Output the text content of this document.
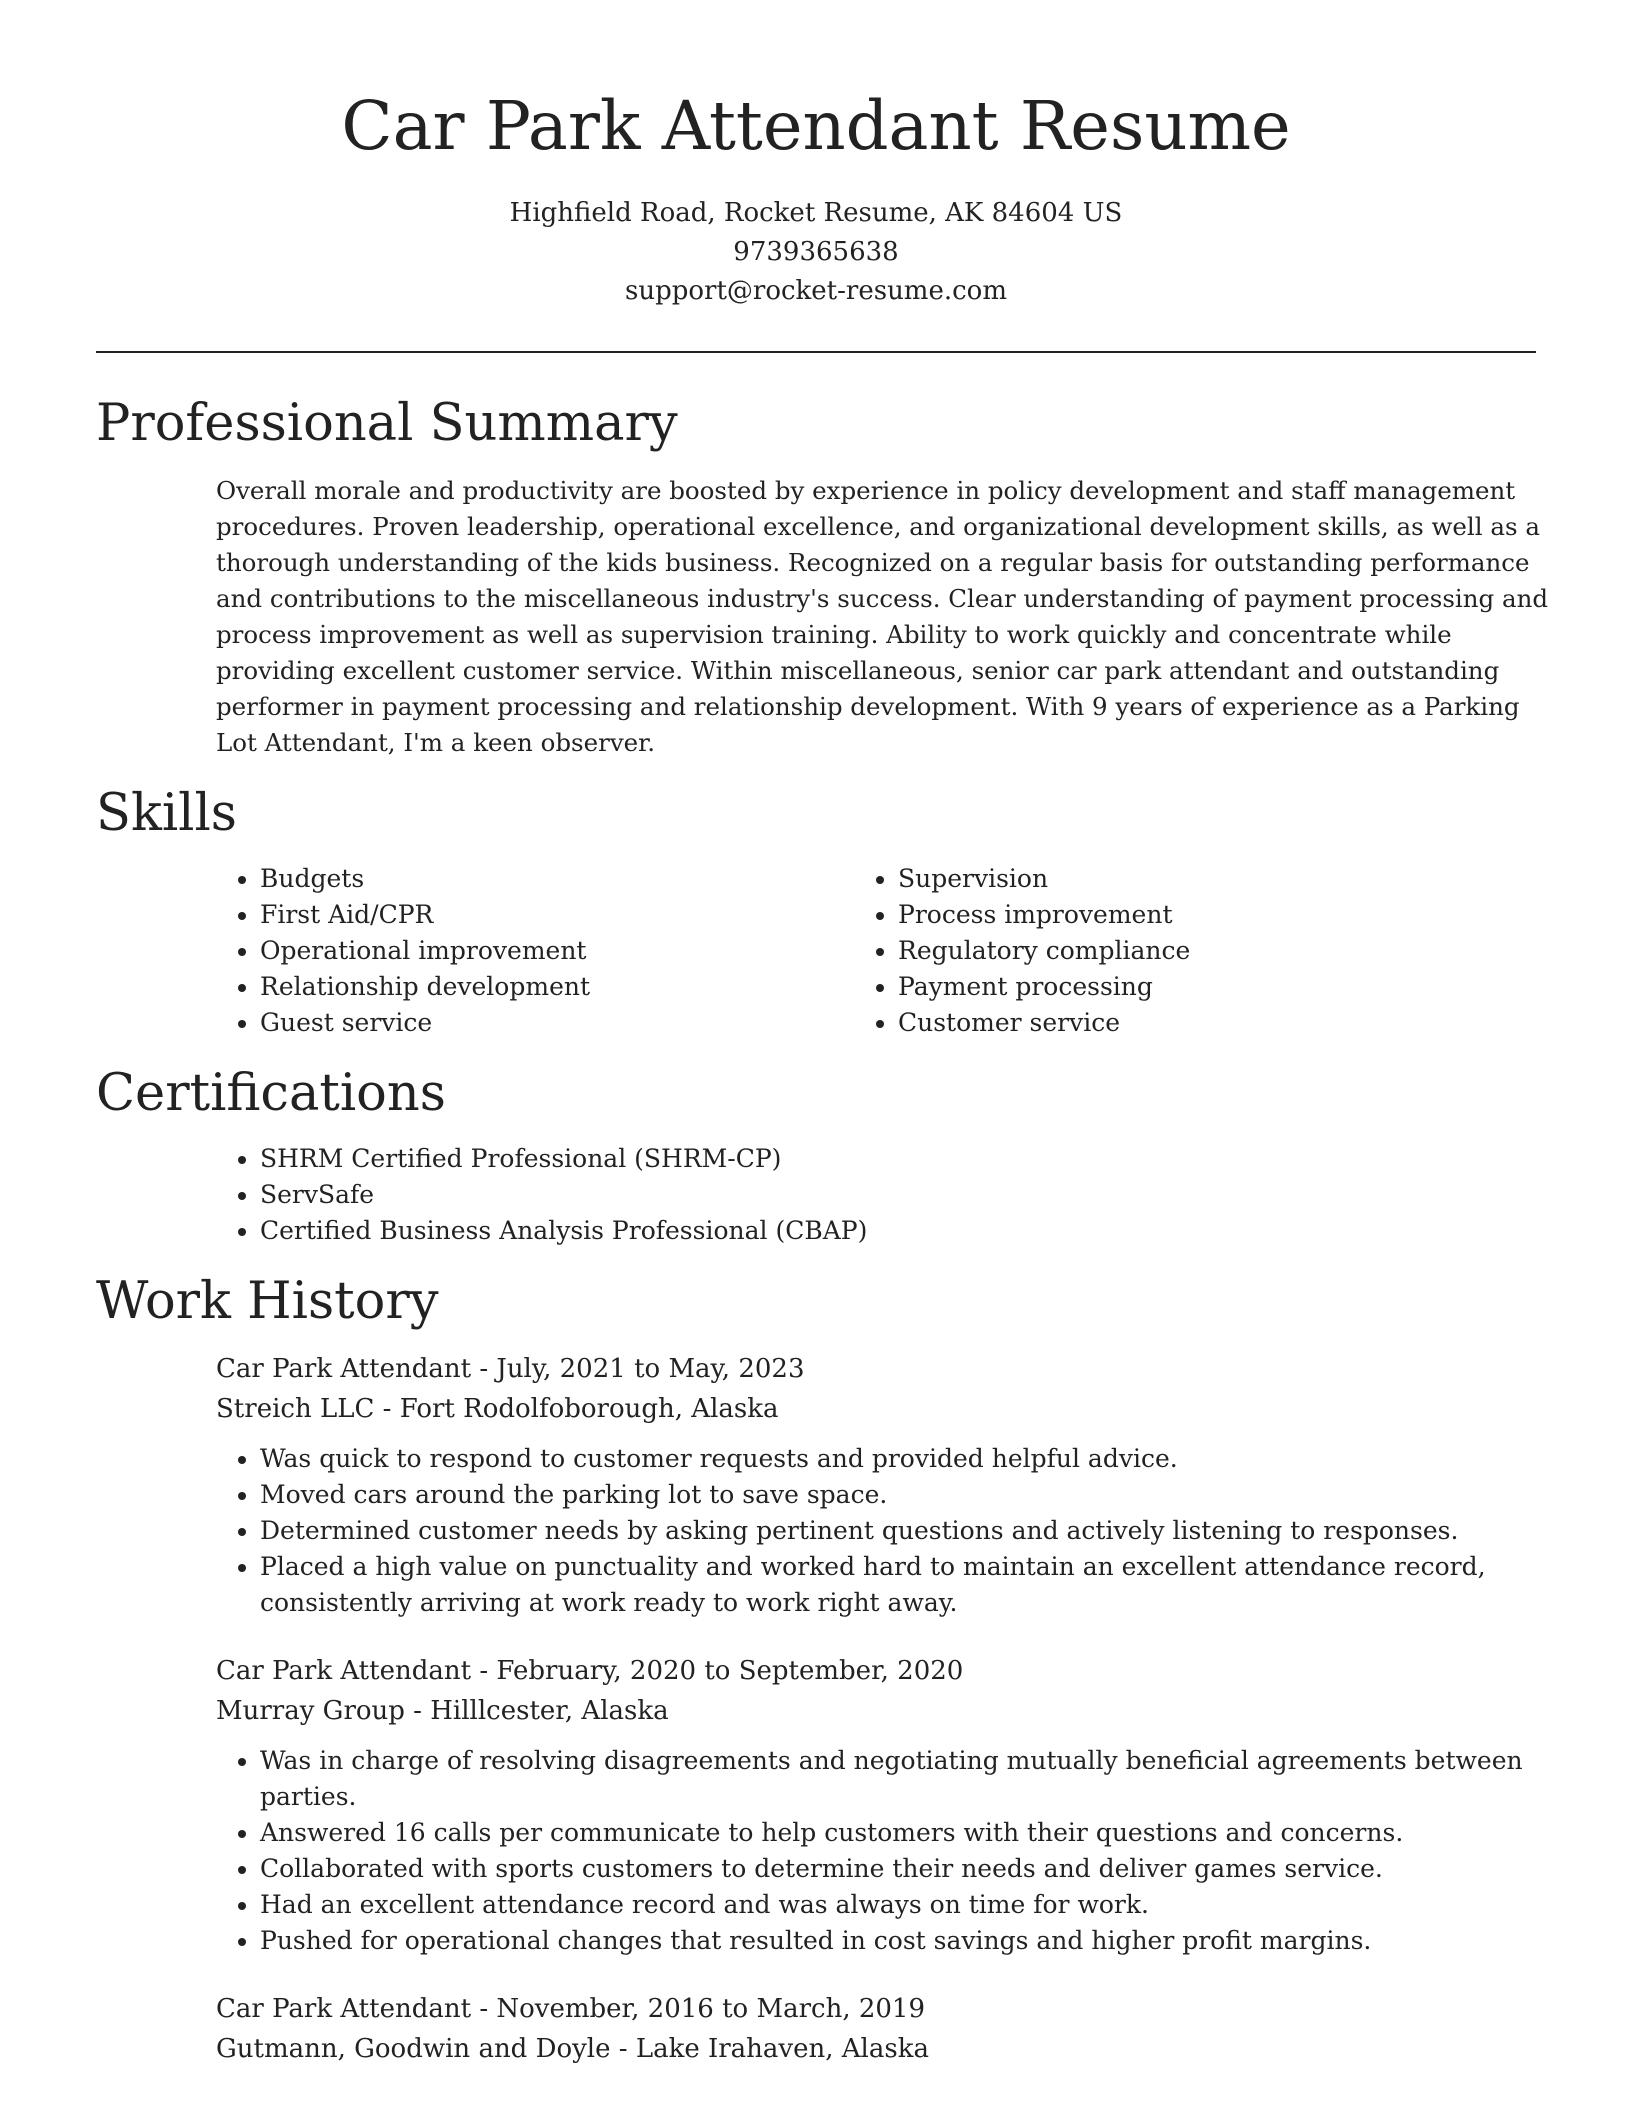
Car Park Attendant Resume
Highfield Road, Rocket Resume, AK 84604 US
9739365638
support@rocket-resume.com
Professional Summary

Overall morale and productivity are boosted by experience in policy development and staff management procedures. Proven leadership, operational excellence, and organizational development skills, as well as a thorough understanding of the kids business. Recognized on a regular basis for outstanding performance and contributions to the miscellaneous industry's success. Clear understanding of payment processing and process improvement as well as supervision training. Ability to work quickly and concentrate while providing excellent customer service. Within miscellaneous, senior car park attendant and outstanding performer in payment processing and relationship development. With 9 years of experience as a Parking Lot Attendant, I'm a keen observer.

Skills
• Budgets
• First Aid/CPR
• Operational improvement
• Relationship development
• Guest service
• Supervision
• Process improvement
• Regulatory compliance
• Payment processing
• Customer service
Certifications
• SHRM Certified Professional (SHRM-CP)
• ServSafe
• Certified Business Analysis Professional (CBAP)
Work History
Car Park Attendant - July, 2021 to May, 2023
Streich LLC - Fort Rodolfoborough, Alaska
• Was quick to respond to customer requests and provided helpful advice.
• Moved cars around the parking lot to save space.
• Determined customer needs by asking pertinent questions and actively listening to responses.
• Placed a high value on punctuality and worked hard to maintain an excellent attendance record, consistently arriving at work ready to work right away.
Car Park Attendant - February, 2020 to September, 2020
Murray Group - Hilllcester, Alaska
• Was in charge of resolving disagreements and negotiating mutually beneficial agreements between parties.
• Answered 16 calls per communicate to help customers with their questions and concerns.
• Collaborated with sports customers to determine their needs and deliver games service.
• Had an excellent attendance record and was always on time for work.
• Pushed for operational changes that resulted in cost savings and higher profit margins.
Car Park Attendant - November, 2016 to March, 2019
Gutmann, Goodwin and Doyle - Lake Irahaven, Alaska
